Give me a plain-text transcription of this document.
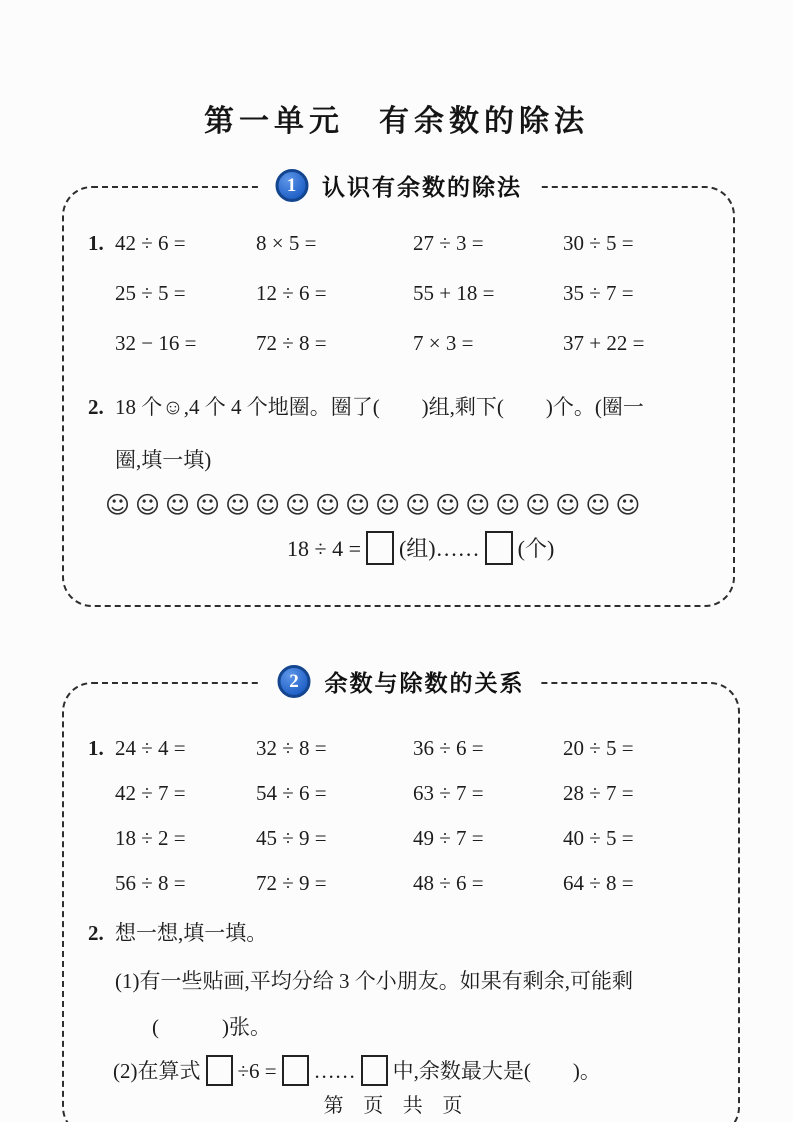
第一单元　有余数的除法
1	认识有余数的除法
1. 42 ÷ 6 =	8 × 5 =	27 ÷ 3 =	30 ÷ 5 =
25 ÷ 5 =	12 ÷ 6 =	55 + 18 =	35 ÷ 7 =
32 − 16 =	72 ÷ 8 =	7 × 3 =	37 + 22 =
2. 18 个☺,4 个 4 个地圈。圈了(　　)组,剩下(　　)个。(圈一
圈,填一填)
☺☺☺☺☺☺☺☺☺☺☺☺☺☺☺☺☺☺
18 ÷ 4 = (组)…… (个)
2	余数与除数的关系
1. 24 ÷ 4 =	32 ÷ 8 =	36 ÷ 6 =	20 ÷ 5 =
42 ÷ 7 =	54 ÷ 6 =	63 ÷ 7 =	28 ÷ 7 =
18 ÷ 2 =	45 ÷ 9 =	49 ÷ 7 =	40 ÷ 5 =
56 ÷ 8 =	72 ÷ 9 =	48 ÷ 6 =	64 ÷ 8 =
2. 想一想,填一填。
(1)有一些贴画,平均分给 3 个小朋友。如果有剩余,可能剩
(　　　)张。
(2)在算式 ÷6 = …… 中,余数最大是(　　)。
第 页 共 页
